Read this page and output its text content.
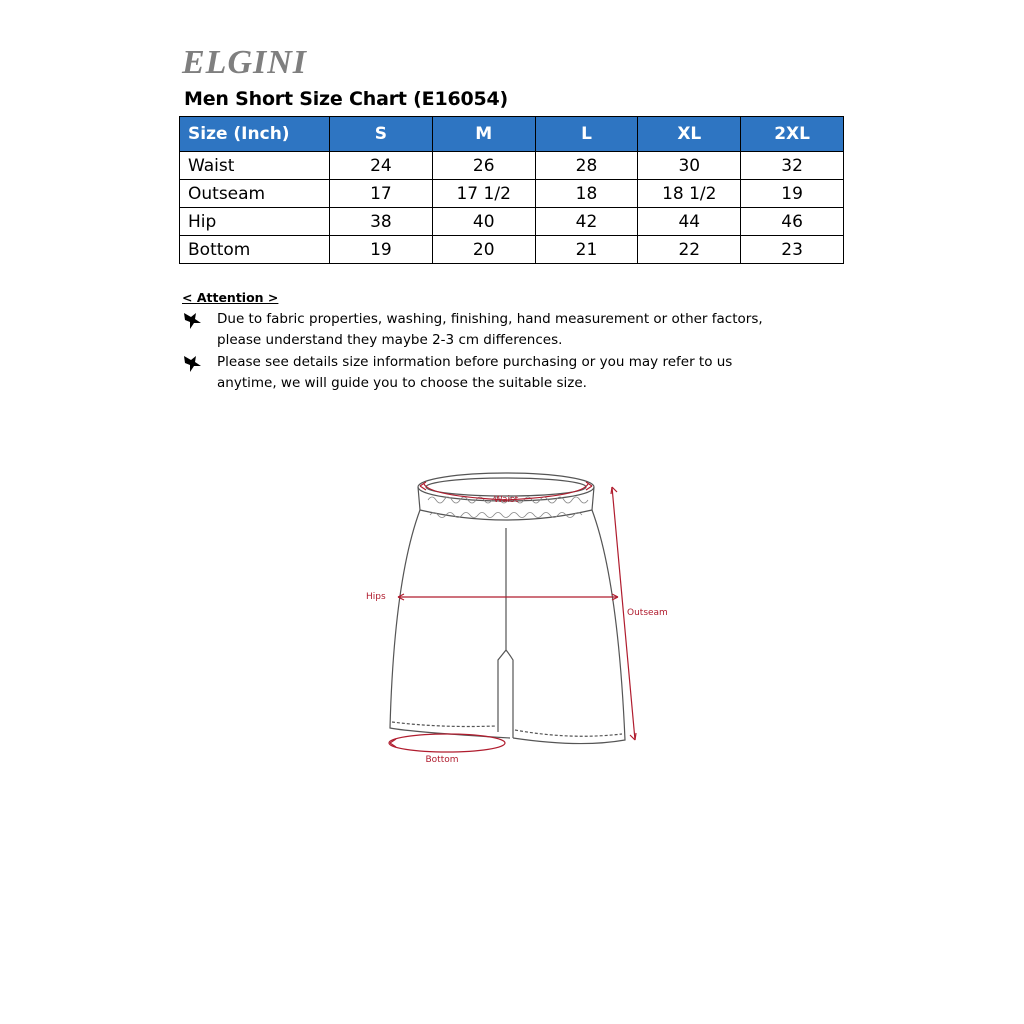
ELGINI
Men Short Size Chart (E16054)
Size (Inch)	S	M	L	XL	2XL
Waist	24	26	28	30	32
Outseam	17	17 1/2	18	18 1/2	19
Hip	38	40	42	44	46
Bottom	19	20	21	22	23
< Attention >
Due to fabric properties, washing, finishing, hand measurement or other factors, please understand they maybe 2-3 cm differences.
Please see details size information before purchasing or you may refer to us anytime, we will guide you to choose the suitable size.
Waist
Hips
Outseam
Bottom
